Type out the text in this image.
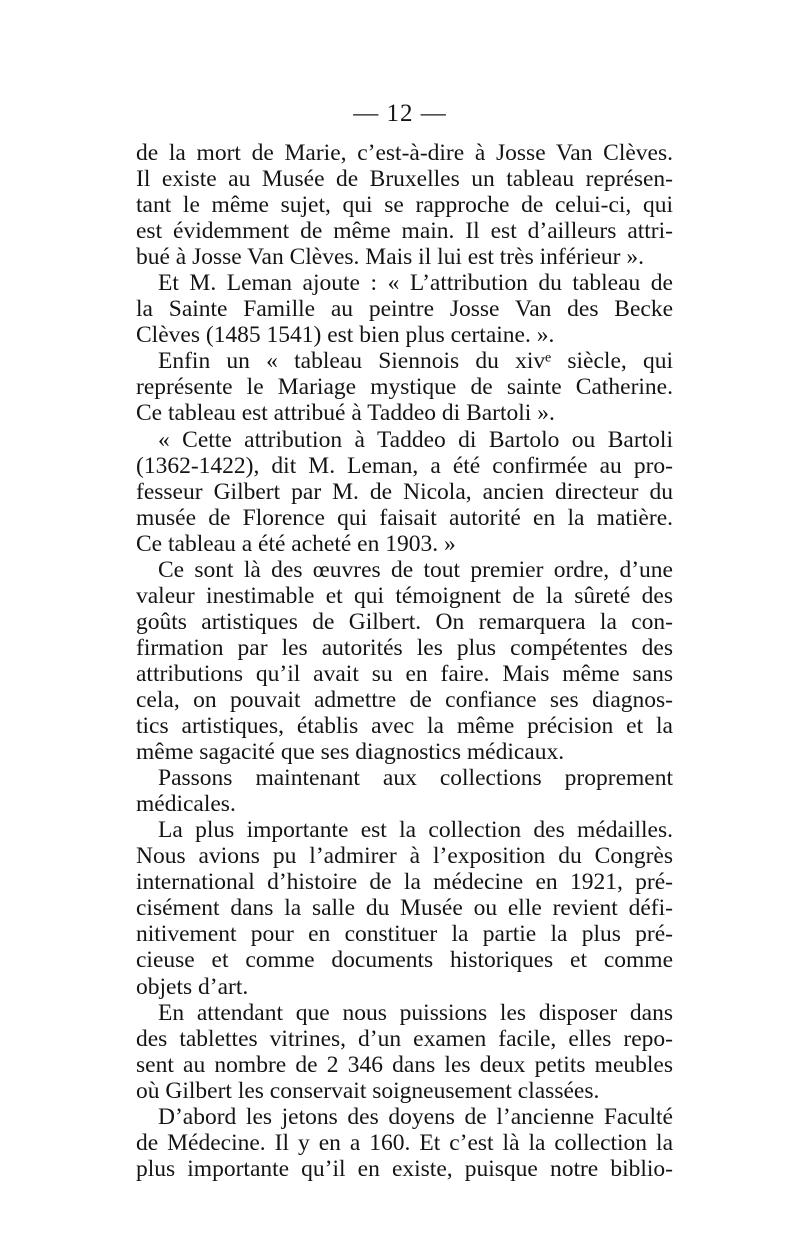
— 12 —
de la mort de Marie, c’est-à-dire à Josse Van Clèves.
Il existe au Musée de Bruxelles un tableau représen-
tant le même sujet, qui se rapproche de celui-ci, qui
est évidemment de même main. Il est d’ailleurs attri-
bué à Josse Van Clèves. Mais il lui est très inférieur ».
Et M. Leman ajoute : « L’attribution du tableau de
la Sainte Famille au peintre Josse Van des Becke
Clèves (1485 1541) est bien plus certaine. ».
Enfin un « tableau Siennois du xivᵉ siècle, qui
représente le Mariage mystique de sainte Catherine.
Ce tableau est attribué à Taddeo di Bartoli ».
« Cette attribution à Taddeo di Bartolo ou Bartoli
(1362-1422), dit M. Leman, a été confirmée au pro-
fesseur Gilbert par M. de Nicola, ancien directeur du
musée de Florence qui faisait autorité en la matière.
Ce tableau a été acheté en 1903. »
Ce sont là des œuvres de tout premier ordre, d’une
valeur inestimable et qui témoignent de la sûreté des
goûts artistiques de Gilbert. On remarquera la con-
firmation par les autorités les plus compétentes des
attributions qu’il avait su en faire. Mais même sans
cela, on pouvait admettre de confiance ses diagnos-
tics artistiques, établis avec la même précision et la
même sagacité que ses diagnostics médicaux.
Passons maintenant aux collections proprement
médicales.
La plus importante est la collection des médailles.
Nous avions pu l’admirer à l’exposition du Congrès
international d’histoire de la médecine en 1921, pré-
cisément dans la salle du Musée ou elle revient défi-
nitivement pour en constituer la partie la plus pré-
cieuse et comme documents historiques et comme
objets d’art.
En attendant que nous puissions les disposer dans
des tablettes vitrines, d’un examen facile, elles repo-
sent au nombre de 2 346 dans les deux petits meubles
où Gilbert les conservait soigneusement classées.
D’abord les jetons des doyens de l’ancienne Faculté
de Médecine. Il y en a 160. Et c’est là la collection la
plus importante qu’il en existe, puisque notre biblio-
